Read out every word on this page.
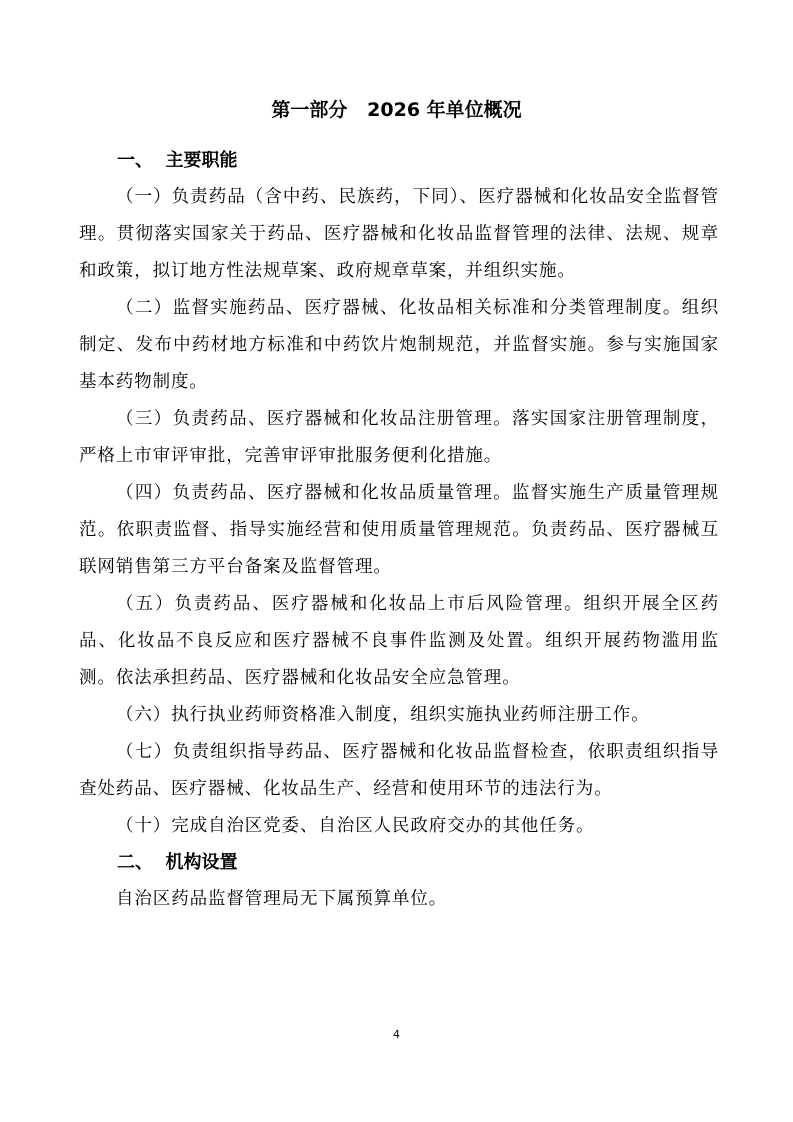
第一部分   2026 年单位概况
一、  主要职能

（一）负责药品（含中药、民族药，下同）、医疗器械和化妆品安全监督管理。贯彻落实国家关于药品、医疗器械和化妆品监督管理的法律、法规、规章和政策，拟订地方性法规草案、政府规章草案，并组织实施。

（二）监督实施药品、医疗器械、化妆品相关标准和分类管理制度。组织制定、发布中药材地方标准和中药饮片炮制规范，并监督实施。参与实施国家基本药物制度。

（三）负责药品、医疗器械和化妆品注册管理。落实国家注册管理制度，严格上市审评审批，完善审评审批服务便利化措施。

（四）负责药品、医疗器械和化妆品质量管理。监督实施生产质量管理规范。依职责监督、指导实施经营和使用质量管理规范。负责药品、医疗器械互联网销售第三方平台备案及监督管理。

（五）负责药品、医疗器械和化妆品上市后风险管理。组织开展全区药品、化妆品不良反应和医疗器械不良事件监测及处置。组织开展药物滥用监测。依法承担药品、医疗器械和化妆品安全应急管理。

（六）执行执业药师资格准入制度，组织实施执业药师注册工作。

（七）负责组织指导药品、医疗器械和化妆品监督检查，依职责组织指导查处药品、医疗器械、化妆品生产、经营和使用环节的违法行为。

（十）完成自治区党委、自治区人民政府交办的其他任务。

二、  机构设置

自治区药品监督管理局无下属预算单位。

4
